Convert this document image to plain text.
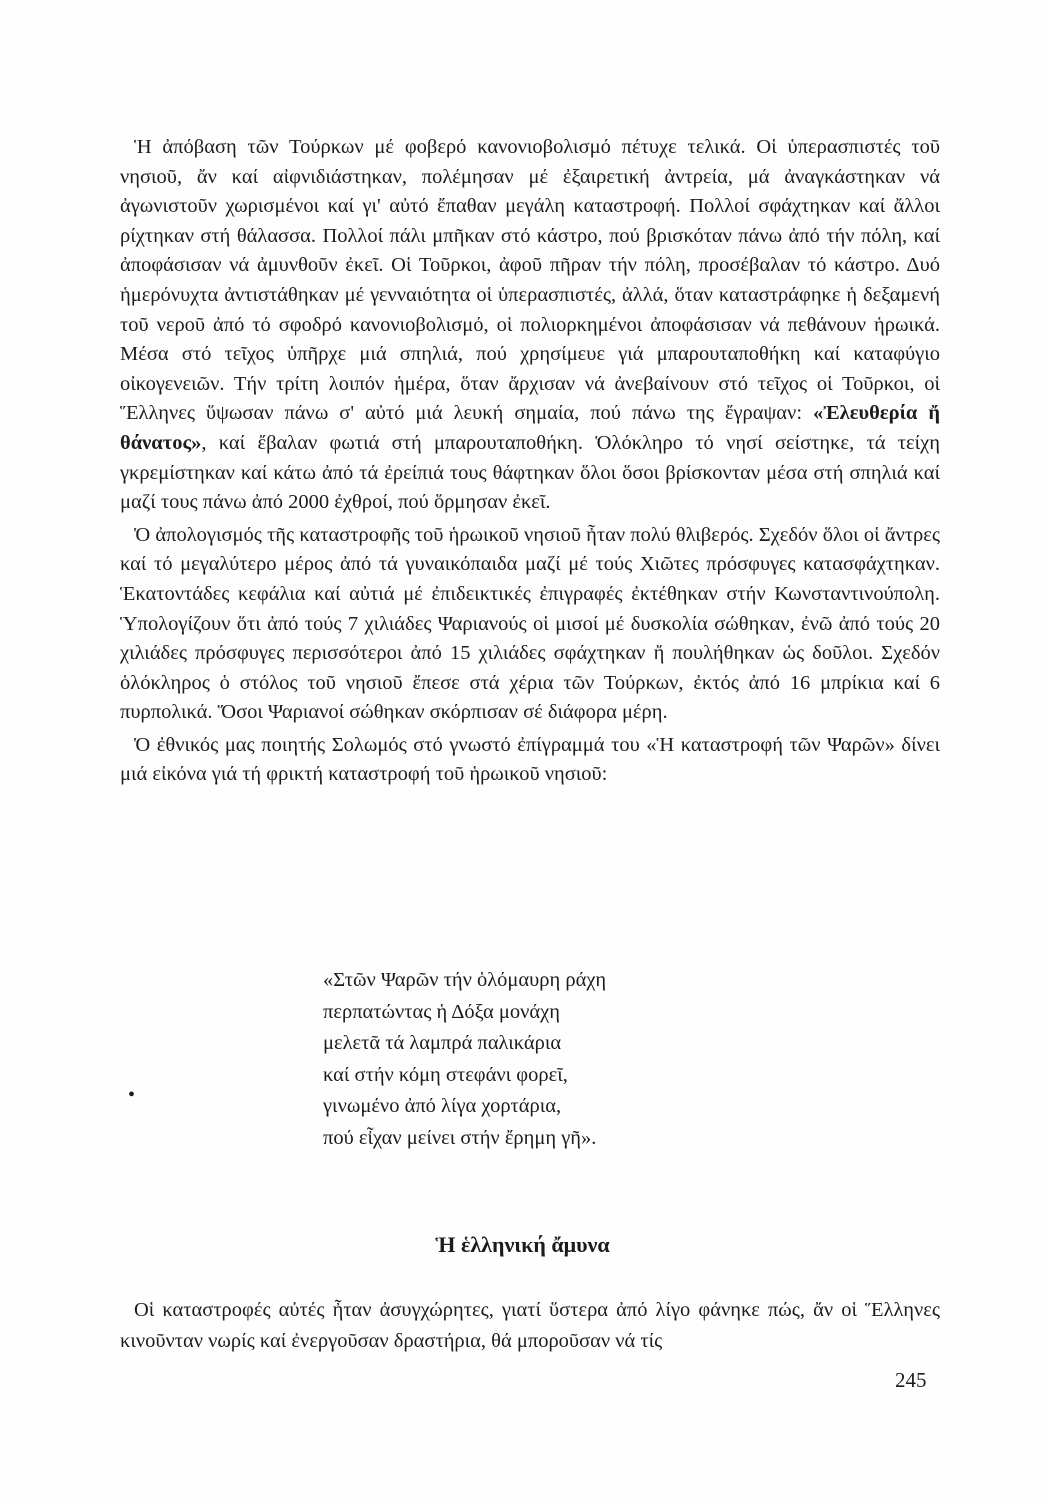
Ἡ ἀπόβαση τῶν Τούρκων μέ φοβερό κανονιοβολισμό πέτυχε τελικά. Οἱ ὑπερασπιστές τοῦ νησιοῦ, ἄν καί αἰφνιδιάστηκαν, πολέμησαν μέ ἐξαιρετική ἀντρεία, μά ἀναγκάστηκαν νά ἀγωνιστοῦν χωρισμένοι καί γι' αὐτό ἔπαθαν μεγάλη καταστροφή. Πολλοί σφάχτηκαν καί ἄλλοι ρίχτηκαν στή θάλασσα. Πολλοί πάλι μπῆκαν στό κάστρο, πού βρισκόταν πάνω ἀπό τήν πόλη, καί ἀποφάσισαν νά ἀμυνθοῦν ἐκεῖ. Οἱ Τοῦρκοι, ἀφοῦ πῆραν τήν πόλη, προσέβαλαν τό κάστρο. Δυό ἡμερόνυχτα ἀντιστάθηκαν μέ γενναιότητα οἱ ὑπερασπιστές, ἀλλά, ὅταν καταστράφηκε ἡ δεξαμενή τοῦ νεροῦ ἀπό τό σφοδρό κανονιοβολισμό, οἱ πολιορκημένοι ἀποφάσισαν νά πεθάνουν ἡρωικά. Μέσα στό τεῖχος ὑπῆρχε μιά σπηλιά, πού χρησίμευε γιά μπαρουταποθήκη καί καταφύγιο οἰκογενειῶν. Τήν τρίτη λοιπόν ἡμέρα, ὅταν ἄρχισαν νά ἀνεβαίνουν στό τεῖχος οἱ Τοῦρκοι, οἱ Ἕλληνες ὕψωσαν πάνω σ' αὐτό μιά λευκή σημαία, πού πάνω της ἔγραψαν: «Ἐλευθερία ἤ θάνατος», καί ἔβαλαν φωτιά στή μπαρουταποθήκη. Ὁλόκληρο τό νησί σείστηκε, τά τείχη γκρεμίστηκαν καί κάτω ἀπό τά ἐρείπιά τους θάφτηκαν ὅλοι ὅσοι βρίσκονταν μέσα στή σπηλιά καί μαζί τους πάνω ἀπό 2000 ἐχθροί, πού ὅρμησαν ἐκεῖ.

Ὁ ἀπολογισμός τῆς καταστροφῆς τοῦ ἡρωικοῦ νησιοῦ ἦταν πολύ θλιβερός. Σχεδόν ὅλοι οἱ ἄντρες καί τό μεγαλύτερο μέρος ἀπό τά γυναικόπαιδα μαζί μέ τούς Χιῶτες πρόσφυγες κατασφάχτηκαν. Ἑκατοντάδες κεφάλια καί αὐτιά μέ ἐπιδεικτικές ἐπιγραφές ἐκτέθηκαν στήν Κωνσταντινούπολη. Ὑπολογίζουν ὅτι ἀπό τούς 7 χιλιάδες Ψαριανούς οἱ μισοί μέ δυσκολία σώθηκαν, ἐνῶ ἀπό τούς 20 χιλιάδες πρόσφυγες περισσότεροι ἀπό 15 χιλιάδες σφάχτηκαν ἤ πουλήθηκαν ὡς δοῦλοι. Σχεδόν ὁλόκληρος ὁ στόλος τοῦ νησιοῦ ἔπεσε στά χέρια τῶν Τούρκων, ἐκτός ἀπό 16 μπρίκια καί 6 πυρπολικά. Ὅσοι Ψαριανοί σώθηκαν σκόρπισαν σέ διάφορα μέρη.

Ὁ ἐθνικός μας ποιητής Σολωμός στό γνωστό ἐπίγραμμά του «Ἡ καταστροφή τῶν Ψαρῶν» δίνει μιά εἰκόνα γιά τή φρικτή καταστροφή τοῦ ἡρωικοῦ νησιοῦ:

•
«Στῶν Ψαρῶν τήν ὁλόμαυρη ράχη
περπατώντας ἡ Δόξα μονάχη
μελετᾶ τά λαμπρά παλικάρια
καί στήν κόμη στεφάνι φορεῖ,
γινωμένο ἀπό λίγα χορτάρια,
πού εἶχαν μείνει στήν ἔρημη γῆ».
Ἡ ἑλληνική ἄμυνα

Οἱ καταστροφές αὐτές ἦταν ἀσυγχώρητες, γιατί ὕστερα ἀπό λίγο φάνηκε πώς, ἄν οἱ Ἕλληνες κινοῦνταν νωρίς καί ἐνεργοῦσαν δραστήρια, θά μποροῦσαν νά τίς

245
